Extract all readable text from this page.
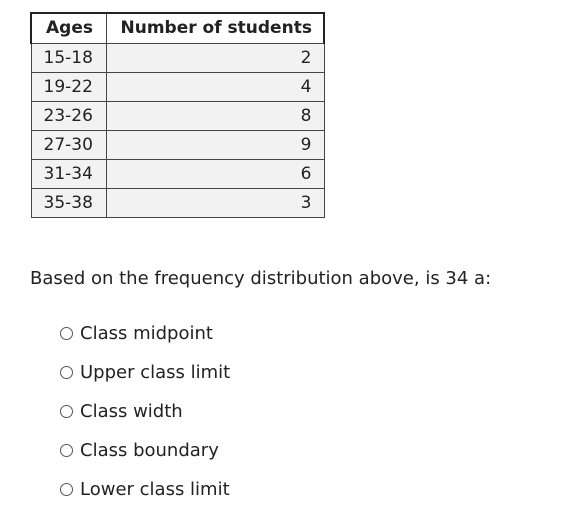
Ages	Number of students
15-18	2
19-22	4
23-26	8
27-30	9
31-34	6
35-38	3

Based on the frequency distribution above, is 34 a:

Class midpoint
Upper class limit
Class width
Class boundary
Lower class limit
